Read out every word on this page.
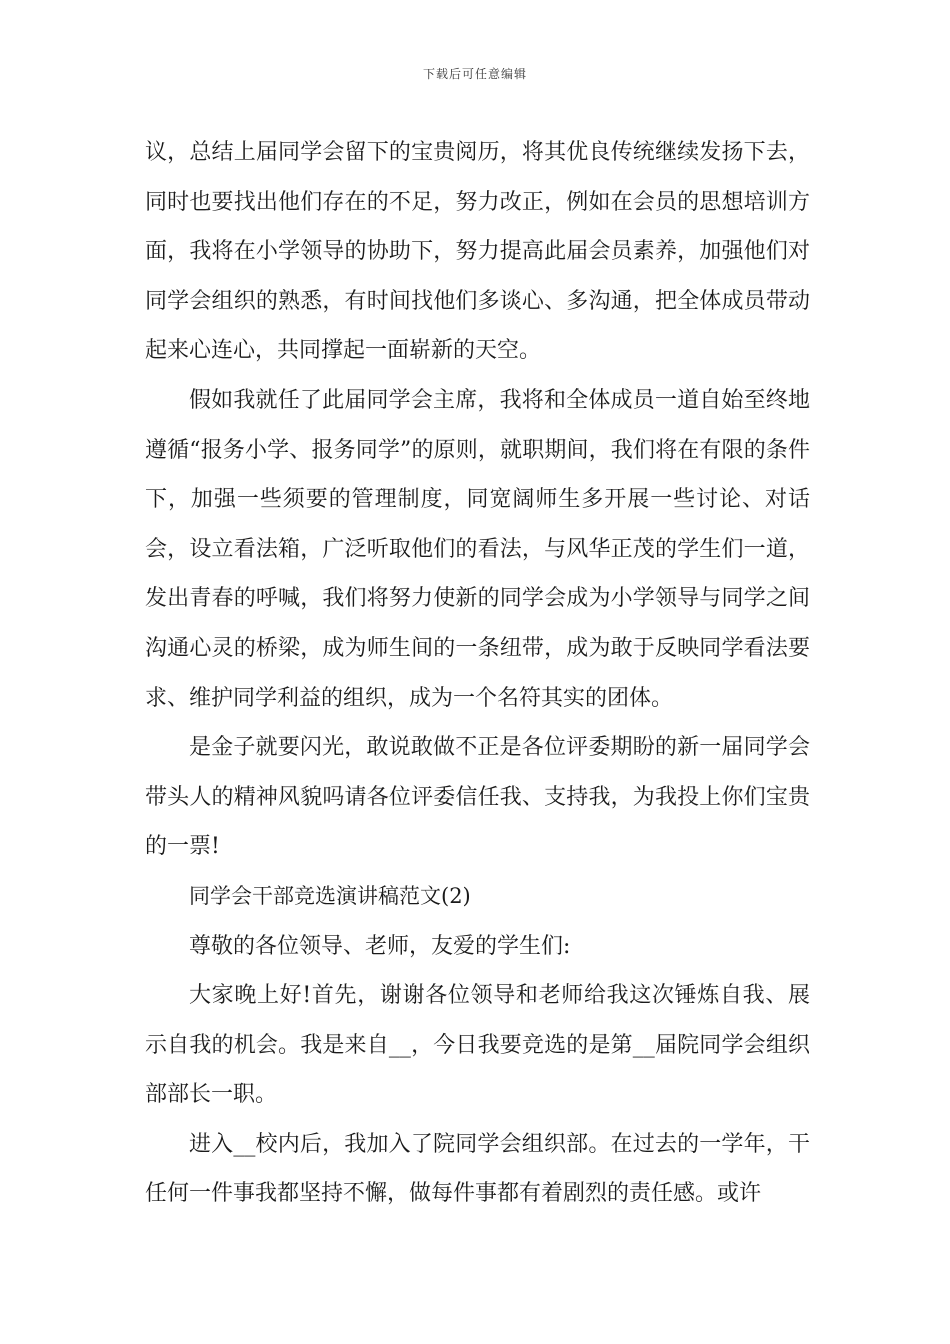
下载后可任意编辑

议，总结上届同学会留下的宝贵阅历，将其优良传统继续发扬下去，同时也要找出他们存在的不足，努力改正，例如在会员的思想培训方面，我将在小学领导的协助下，努力提高此届会员素养，加强他们对同学会组织的熟悉，有时间找他们多谈心、多沟通，把全体成员带动起来心连心，共同撑起一面崭新的天空。

假如我就任了此届同学会主席，我将和全体成员一道自始至终地遵循“报务小学、报务同学”的原则，就职期间，我们将在有限的条件下，加强一些须要的管理制度，同宽阔师生多开展一些讨论、对话会，设立看法箱，广泛听取他们的看法，与风华正茂的学生们一道，发出青春的呼喊，我们将努力使新的同学会成为小学领导与同学之间沟通心灵的桥梁，成为师生间的一条纽带，成为敢于反映同学看法要求、维护同学利益的组织，成为一个名符其实的团体。

是金子就要闪光，敢说敢做不正是各位评委期盼的新一届同学会带头人的精神风貌吗请各位评委信任我、支持我，为我投上你们宝贵的一票!

同学会干部竞选演讲稿范文(2)

尊敬的各位领导、老师，友爱的学生们:

大家晚上好!首先，谢谢各位领导和老师给我这次锤炼自我、展示自我的机会。我是来自__，今日我要竞选的是第__届院同学会组织部部长一职。

进入__校内后，我加入了院同学会组织部。在过去的一学年，干任何一件事我都坚持不懈，做每件事都有着剧烈的责任感。或许
